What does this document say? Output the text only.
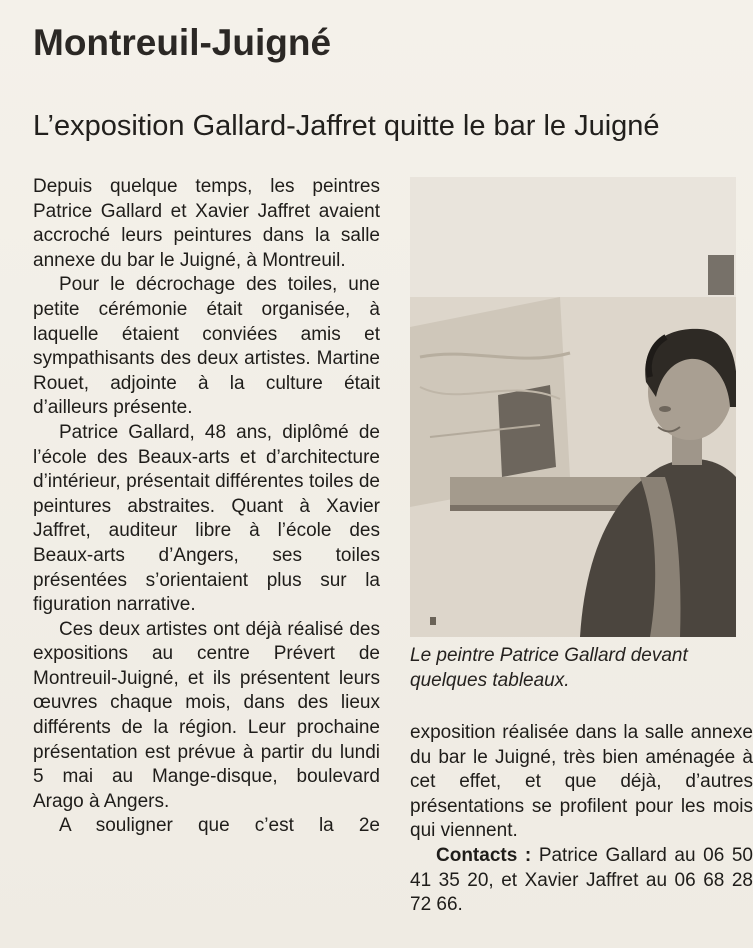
Montreuil-Juigné
L’exposition Gallard-Jaffret quitte le bar le Juigné

Depuis quelque temps, les peintres Patrice Gallard et Xavier Jaffret avaient accroché leurs peintures dans la salle annexe du bar le Juigné, à Montreuil.

Pour le décrochage des toiles, une petite cérémonie était organisée, à laquelle étaient conviées amis et sympathisants des deux artistes. Martine Rouet, adjointe à la culture était d’ailleurs présente.

Patrice Gallard, 48 ans, diplômé de l’école des Beaux-arts et d’architecture d’intérieur, présentait différentes toiles de peintures abstraites. Quant à Xavier Jaffret, auditeur libre à l’école des Beaux-arts d’Angers, ses toiles présentées s’orientaient plus sur la figuration narrative.

Ces deux artistes ont déjà réalisé des expositions au centre Prévert de Montreuil-Juigné, et ils présentent leurs œuvres chaque mois, dans des lieux différents de la région. Leur prochaine présentation est prévue à partir du lundi 5 mai au Mange-disque, boulevard Arago à Angers.

A souligner que c’est la 2e

Le peintre Patrice Gallard devant quelques tableaux.

exposition réalisée dans la salle annexe du bar le Juigné, très bien aménagée à cet effet, et que déjà, d’autres présentations se profilent pour les mois qui viennent.

Contacts : Patrice Gallard au 06 50 41 35 20, et Xavier Jaffret au 06 68 28 72 66.
